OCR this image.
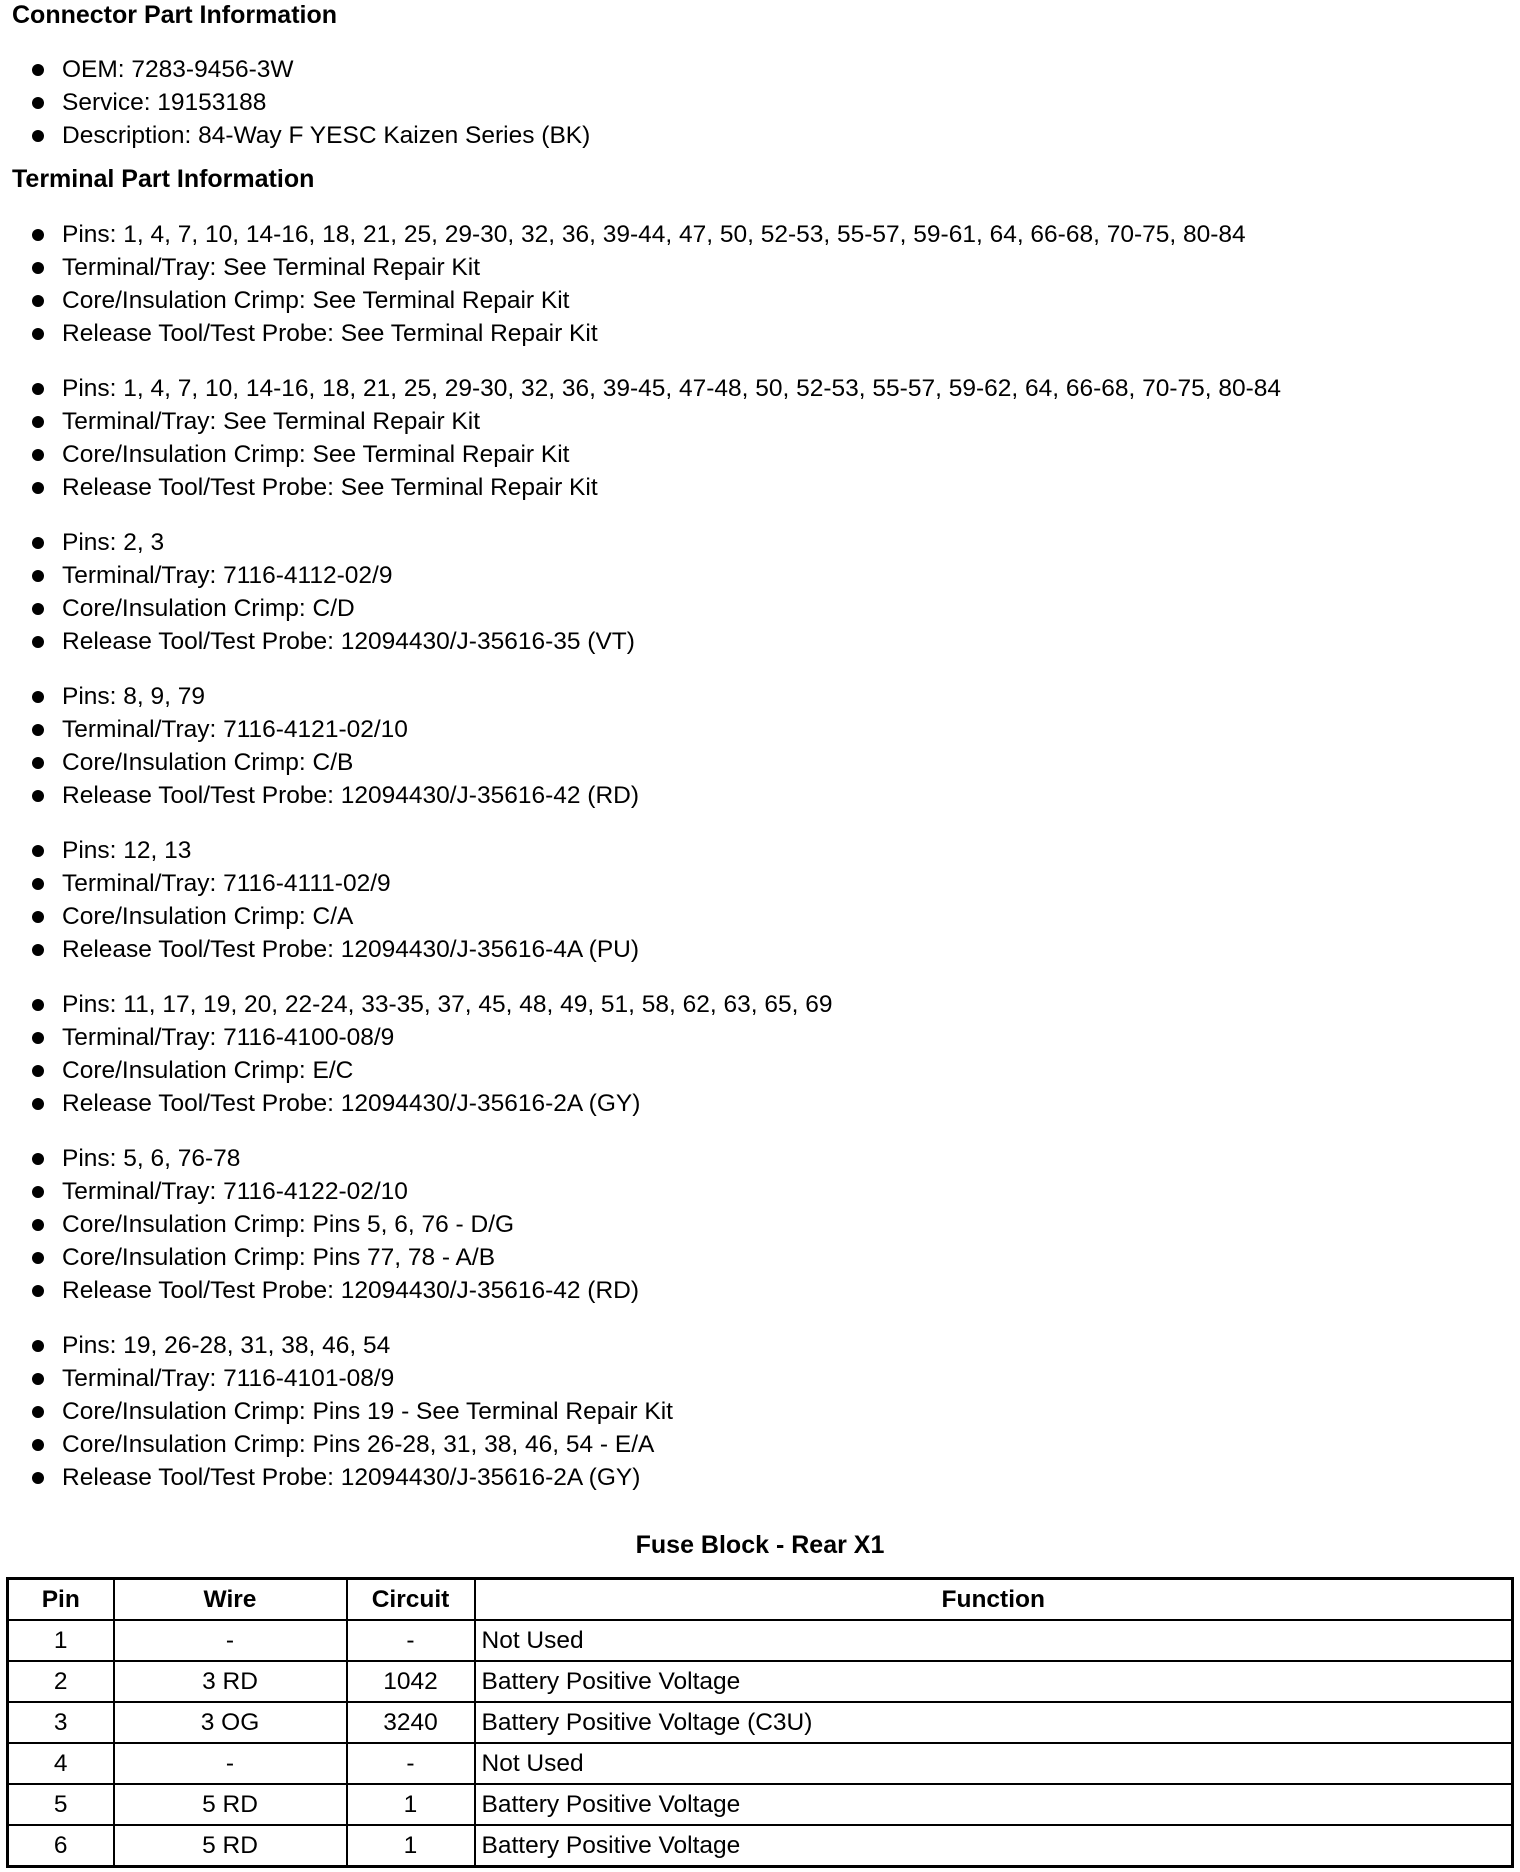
Connector Part Information
OEM: 7283-9456-3W
Service: 19153188
Description: 84-Way F YESC Kaizen Series (BK)
Terminal Part Information
Pins: 1, 4, 7, 10, 14-16, 18, 21, 25, 29-30, 32, 36, 39-44, 47, 50, 52-53, 55-57, 59-61, 64, 66-68, 70-75, 80-84
Terminal/Tray: See Terminal Repair Kit
Core/Insulation Crimp: See Terminal Repair Kit
Release Tool/Test Probe: See Terminal Repair Kit
Pins: 1, 4, 7, 10, 14-16, 18, 21, 25, 29-30, 32, 36, 39-45, 47-48, 50, 52-53, 55-57, 59-62, 64, 66-68, 70-75, 80-84
Terminal/Tray: See Terminal Repair Kit
Core/Insulation Crimp: See Terminal Repair Kit
Release Tool/Test Probe: See Terminal Repair Kit
Pins: 2, 3
Terminal/Tray: 7116-4112-02/9
Core/Insulation Crimp: C/D
Release Tool/Test Probe: 12094430/J-35616-35 (VT)
Pins: 8, 9, 79
Terminal/Tray: 7116-4121-02/10
Core/Insulation Crimp: C/B
Release Tool/Test Probe: 12094430/J-35616-42 (RD)
Pins: 12, 13
Terminal/Tray: 7116-4111-02/9
Core/Insulation Crimp: C/A
Release Tool/Test Probe: 12094430/J-35616-4A (PU)
Pins: 11, 17, 19, 20, 22-24, 33-35, 37, 45, 48, 49, 51, 58, 62, 63, 65, 69
Terminal/Tray: 7116-4100-08/9
Core/Insulation Crimp: E/C
Release Tool/Test Probe: 12094430/J-35616-2A (GY)
Pins: 5, 6, 76-78
Terminal/Tray: 7116-4122-02/10
Core/Insulation Crimp: Pins 5, 6, 76 - D/G
Core/Insulation Crimp: Pins 77, 78 - A/B
Release Tool/Test Probe: 12094430/J-35616-42 (RD)
Pins: 19, 26-28, 31, 38, 46, 54
Terminal/Tray: 7116-4101-08/9
Core/Insulation Crimp: Pins 19 - See Terminal Repair Kit
Core/Insulation Crimp: Pins 26-28, 31, 38, 46, 54 - E/A
Release Tool/Test Probe: 12094430/J-35616-2A (GY)
Fuse Block - Rear X1
Pin	Wire	Circuit	Function
1	-	-	Not Used
2	3 RD	1042	Battery Positive Voltage
3	3 OG	3240	Battery Positive Voltage (C3U)
4	-	-	Not Used
5	5 RD	1	Battery Positive Voltage
6	5 RD	1	Battery Positive Voltage
